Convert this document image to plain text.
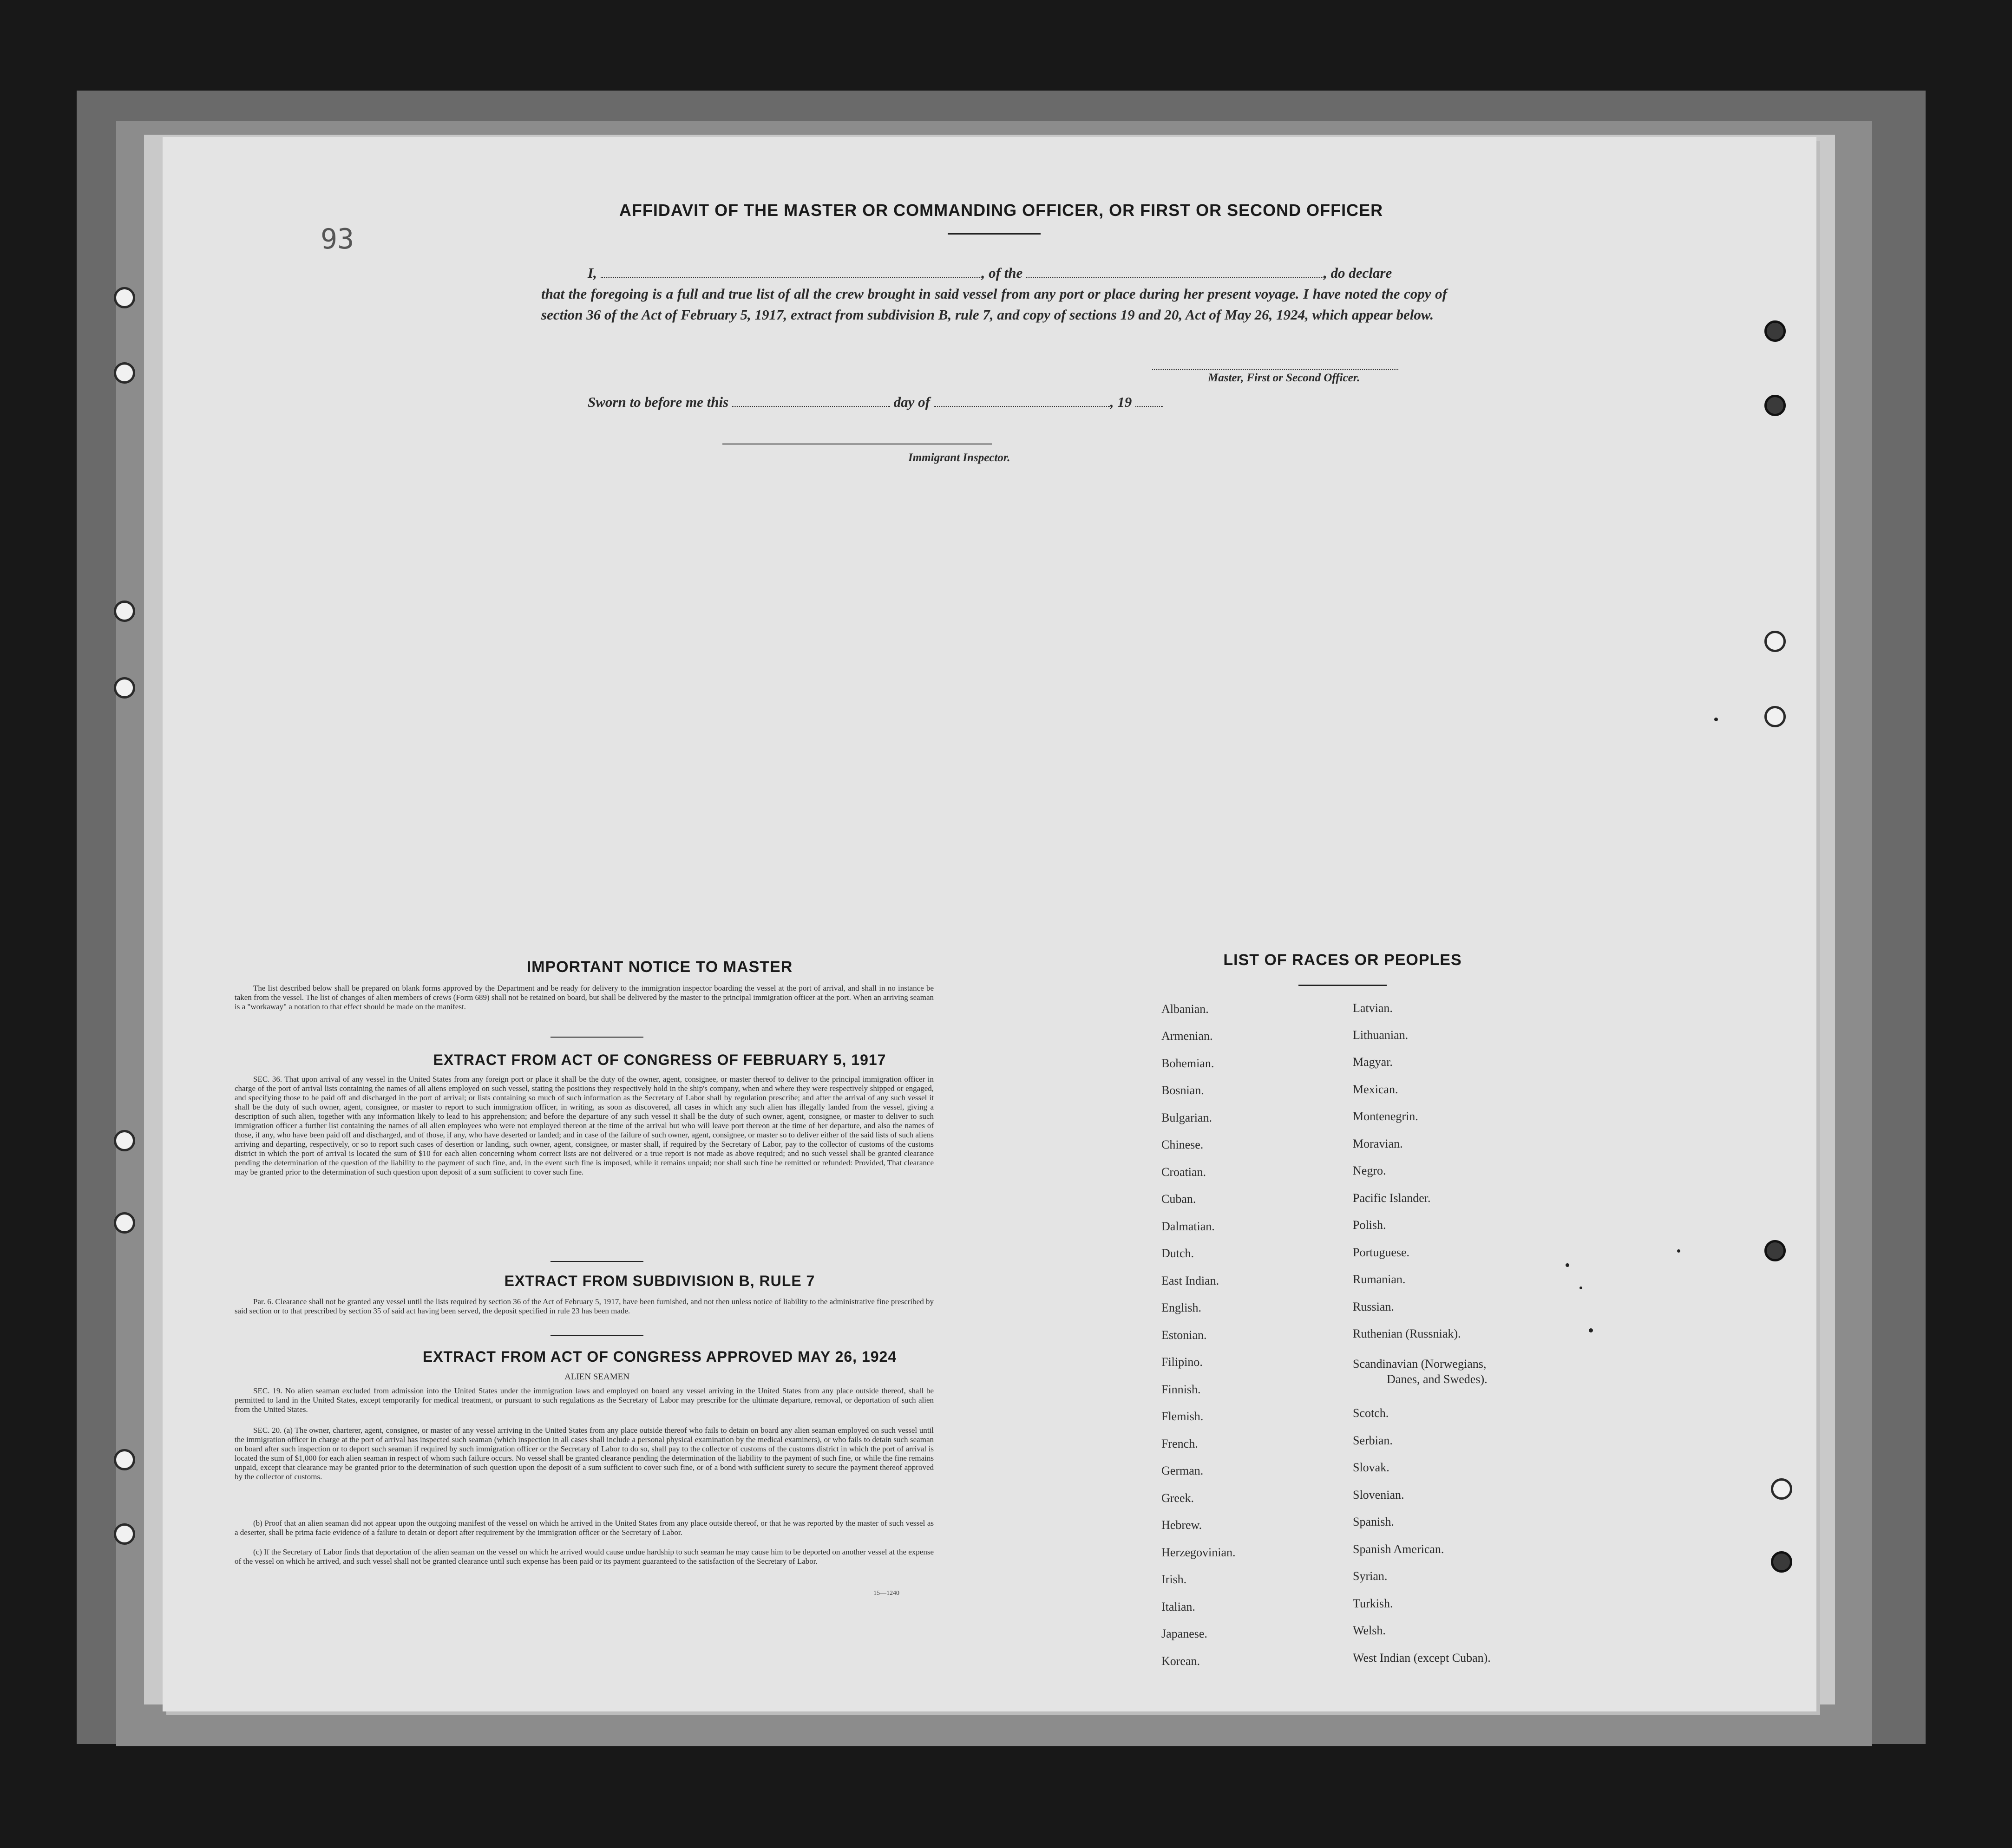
93
AFFIDAVIT OF THE MASTER OR COMMANDING OFFICER, OR FIRST OR SECOND OFFICER
I,	, of the	, do declare
that the foregoing is a full and true list of all the crew brought in said vessel from any port or place during her present voyage. I have noted the copy of section 36 of the Act of February 5, 1917, extract from subdivision B, rule 7, and copy of sections 19 and 20, Act of May 26, 1924, which appear below.
Master, First or Second Officer.
Sworn to before me this	day of	, 19
Immigrant Inspector.
IMPORTANT NOTICE TO MASTER
The list described below shall be prepared on blank forms approved by the Department and be ready for delivery to the immigration inspector boarding the vessel at the port of arrival, and shall in no instance be taken from the vessel. The list of changes of alien members of crews (Form 689) shall not be retained on board, but shall be delivered by the master to the principal immigration officer at the port. When an arriving seaman is a "workaway" a notation to that effect should be made on the manifest.
EXTRACT FROM ACT OF CONGRESS OF FEBRUARY 5, 1917
SEC. 36. That upon arrival of any vessel in the United States from any foreign port or place it shall be the duty of the owner, agent, consignee, or master thereof to deliver to the principal immigration officer in charge of the port of arrival lists containing the names of all aliens employed on such vessel, stating the positions they respectively hold in the ship's company, when and where they were respectively shipped or engaged, and specifying those to be paid off and discharged in the port of arrival; or lists containing so much of such information as the Secretary of Labor shall by regulation prescribe; and after the arrival of any such vessel it shall be the duty of such owner, agent, consignee, or master to report to such immigration officer, in writing, as soon as discovered, all cases in which any such alien has illegally landed from the vessel, giving a description of such alien, together with any information likely to lead to his apprehension; and before the departure of any such vessel it shall be the duty of such owner, agent, consignee, or master to deliver to such immigration officer a further list containing the names of all alien employees who were not employed thereon at the time of the arrival but who will leave port thereon at the time of her departure, and also the names of those, if any, who have been paid off and discharged, and of those, if any, who have deserted or landed; and in case of the failure of such owner, agent, consignee, or master so to deliver either of the said lists of such aliens arriving and departing, respectively, or so to report such cases of desertion or landing, such owner, agent, consignee, or master shall, if required by the Secretary of Labor, pay to the collector of customs of the customs district in which the port of arrival is located the sum of $10 for each alien concerning whom correct lists are not delivered or a true report is not made as above required; and no such vessel shall be granted clearance pending the determination of the question of the liability to the payment of such fine, and, in the event such fine is imposed, while it remains unpaid; nor shall such fine be remitted or refunded: Provided, That clearance may be granted prior to the determination of such question upon deposit of a sum sufficient to cover such fine.
EXTRACT FROM SUBDIVISION B, RULE 7
Par. 6. Clearance shall not be granted any vessel until the lists required by section 36 of the Act of February 5, 1917, have been furnished, and not then unless notice of liability to the administrative fine prescribed by said section or to that prescribed by section 35 of said act having been served, the deposit specified in rule 23 has been made.
EXTRACT FROM ACT OF CONGRESS APPROVED MAY 26, 1924
ALIEN SEAMEN
SEC. 19. No alien seaman excluded from admission into the United States under the immigration laws and employed on board any vessel arriving in the United States from any place outside thereof, shall be permitted to land in the United States, except temporarily for medical treatment, or pursuant to such regulations as the Secretary of Labor may prescribe for the ultimate departure, removal, or deportation of such alien from the United States.
SEC. 20. (a) The owner, charterer, agent, consignee, or master of any vessel arriving in the United States from any place outside thereof who fails to detain on board any alien seaman employed on such vessel until the immigration officer in charge at the port of arrival has inspected such seaman (which inspection in all cases shall include a personal physical examination by the medical examiners), or who fails to detain such seaman on board after such inspection or to deport such seaman if required by such immigration officer or the Secretary of Labor to do so, shall pay to the collector of customs of the customs district in which the port of arrival is located the sum of $1,000 for each alien seaman in respect of whom such failure occurs. No vessel shall be granted clearance pending the determination of the liability to the payment of such fine, or while the fine remains unpaid, except that clearance may be granted prior to the determination of such question upon the deposit of a sum sufficient to cover such fine, or of a bond with sufficient surety to secure the payment thereof approved by the collector of customs.
(b) Proof that an alien seaman did not appear upon the outgoing manifest of the vessel on which he arrived in the United States from any place outside thereof, or that he was reported by the master of such vessel as a deserter, shall be prima facie evidence of a failure to detain or deport after requirement by the immigration officer or the Secretary of Labor.
(c) If the Secretary of Labor finds that deportation of the alien seaman on the vessel on which he arrived would cause undue hardship to such seaman he may cause him to be deported on another vessel at the expense of the vessel on which he arrived, and such vessel shall not be granted clearance until such expense has been paid or its payment guaranteed to the satisfaction of the Secretary of Labor.
15—1240
LIST OF RACES OR PEOPLES
Albanian.
Armenian.
Bohemian.
Bosnian.
Bulgarian.
Chinese.
Croatian.
Cuban.
Dalmatian.
Dutch.
East Indian.
English.
Estonian.
Filipino.
Finnish.
Flemish.
French.
German.
Greek.
Hebrew.
Herzegovinian.
Irish.
Italian.
Japanese.
Korean.
Latvian.
Lithuanian.
Magyar.
Mexican.
Montenegrin.
Moravian.
Negro.
Pacific Islander.
Polish.
Portuguese.
Rumanian.
Russian.
Ruthenian (Russniak).
Scandinavian (Norwegians,
Danes, and Swedes).
Scotch.
Serbian.
Slovak.
Slovenian.
Spanish.
Spanish American.
Syrian.
Turkish.
Welsh.
West Indian (except Cuban).
